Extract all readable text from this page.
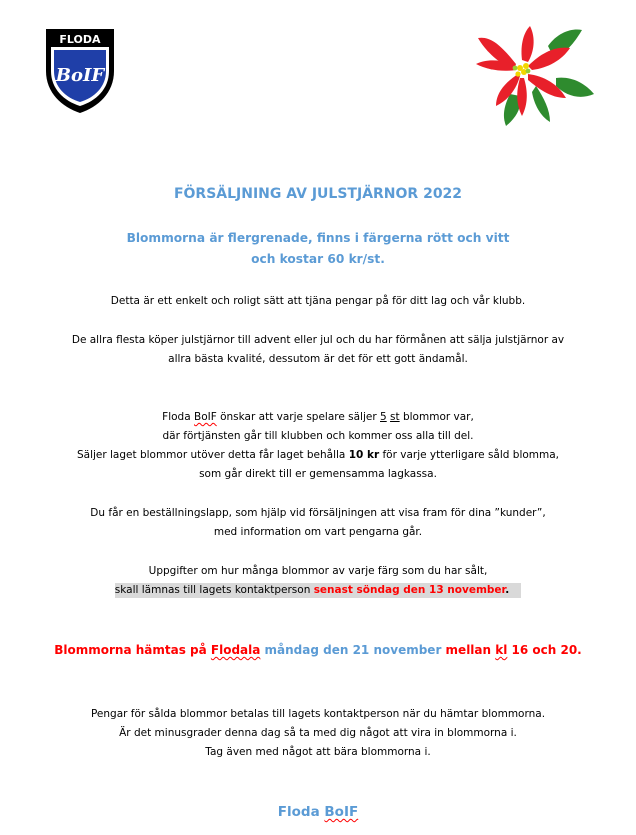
FLODA
BoIF
FÖRSÄLJNING AV JULSTJÄRNOR 2022
Blommorna är flergrenade, finns i färgerna rött och vitt
och kostar 60 kr/st.
Detta är ett enkelt och roligt sätt att tjäna pengar på för ditt lag och vår klubb.
De allra flesta köper julstjärnor till advent eller jul och du har förmånen att sälja julstjärnor av
allra bästa kvalité, dessutom är det för ett gott ändamål.
Floda BoIF önskar att varje spelare säljer 5 st blommor var,
där förtjänsten går till klubben och kommer oss alla till del.
Säljer laget blommor utöver detta får laget behålla 10 kr för varje ytterligare såld blomma,
som går direkt till er gemensamma lagkassa.
Du får en beställningslapp, som hjälp vid försäljningen att visa fram för dina ”kunder”,
med information om vart pengarna går.
Uppgifter om hur många blommor av varje färg som du har sålt,
skall lämnas till lagets kontaktperson senast söndag den 13 november.
Blommorna hämtas på Flodala måndag den 21 november mellan kl 16 och 20.
Pengar för sålda blommor betalas till lagets kontaktperson när du hämtar blommorna.
Är det minusgrader denna dag så ta med dig något att vira in blommorna i.
Tag även med något att bära blommorna i.
Floda BoIF
